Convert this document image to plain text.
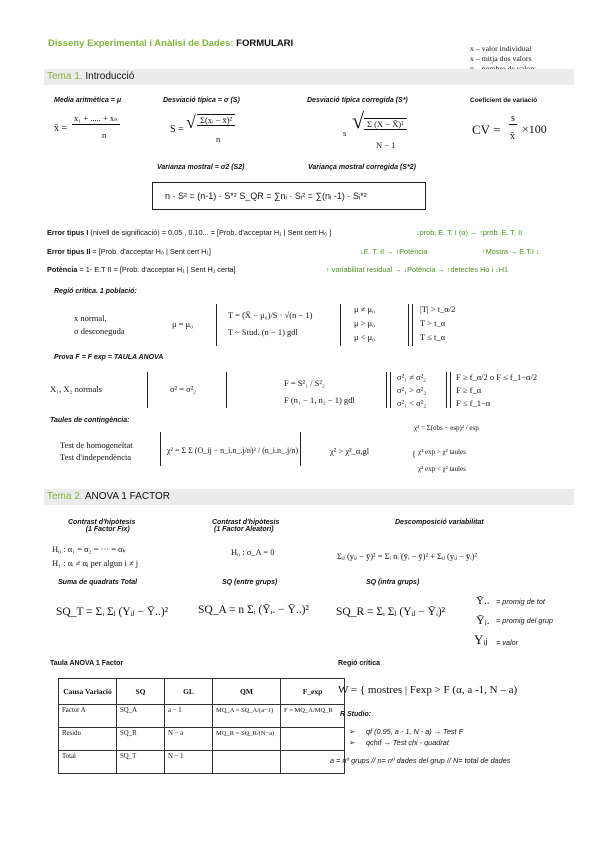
Disseny Experimental i Anàlisi de Dades: FORMULARI	x – valor individual
x – mitja dos valors
Tema 1. Introducció
Media aritmètica = μ	Desviació típica = σ (S)	Desviació típica corregida (S*)	Coeficient de variació
x̄ =
x₁ + ..... + xₙ
n	S = √ Σ(xᵢ − x̄)²
n
s √ Σ (X − X̄)²
N − 1
CV =
s
x̄
×100
Varianza mostral = σ2 (S2)	Variança mostral corregida (S*2)
n · S² = (n-1) · S*² S_QR = ∑nᵢ · Sᵢ² = ∑(nᵢ -1) · Sᵢ*²
Error tipus I (nivell de significació) = 0.05 , 0.10... = [Prob. d'acceptar H₁ | Sent cert H₀ ]	↓prob. E. T. I (α) → ↑prob. E. T. II
Error tipus II = [Prob. d'acceptar H₀ | Sent cert H₁]	↓E. T. II → ↑Potència	↑Mostra → E.T.I ↓
Potència = 1- E.T II = [Prob. d'acceptar H₁ | Sent H₁ certa]	↑ variabilitat residual → ↓Potència → ↑detectes Ho i ↓H1
Regió crítica. 1 població:
x normal,
σ desconeguda
μ = μ₀
T = (X̄ − μ₀)/S · √(n − 1)
T ~ Stud. (n − 1) gdl
μ ≠ μ₀
μ > μ₀
μ < μ₀
|T| > t_α/2
T > t_α
T ≤ t_α
Prova F = F exp = TAULA ANOVA
X₁, X₂ normals	σ² = σ²₂
F = S²₁ / S²₂
F (n₁ − 1, n₂ − 1) gdl
σ²₁ ≠ σ²₂
σ²₁ > σ²₂
σ²₁ < σ²₂
F ≥ f_α/2 o F ≤ f_1−α/2
F ≥ f_α
F ≤ f_1−α
Taules de contingència:
Test de homogeneïtat
Test d'independència
χ² = Σ Σ (O_ij − n_i.n_.j/n)² / (n_i.n_.j/n)	χ² > χ²_α,gl
χ² = Σ(obs − esp)² / esp
{ χ² exp > χ² taules
χ² exp < χ² taules
Tema 2. ANOVA 1 FACTOR
Contrast d'hipòtesis
(1 Factor Fix)
Contrast d'hipòtesis
(1 Factor Aleatori)
Descomposició variabilitat
H₀ : α₁ = α₂ = ··· = αₖ
H₁ : αᵢ ≠ αⱼ per algun i ≠ j
H₀ : σ_A = 0	Σᵢⱼ (yᵢⱼ − ȳ)² = Σᵢ nᵢ (ȳᵢ − ȳ)² + Σᵢⱼ (yᵢⱼ − ȳᵢ)²
Suma de quadrats Total	SQ (entre grups)	SQ (intra grups)
SQ_T = Σᵢ Σⱼ (Yᵢⱼ − Ȳ..)²	SQ_A = n Σᵢ (Ȳᵢ. − Ȳ..)² SQ_R = Σᵢ Σⱼ (Yᵢⱼ − Ȳᵢ)²
Ȳ.. = promig de tot
Ȳᵢ. = promig del grup
Yᵢⱼ = valor
Taula ANOVA 1 Factor
Causa Variació	SQ	GL	QM	F_exp
Factor A	SQ_A	a − 1	MQ_A = SQ_A/(a−1)	F = MQ_A/MQ_R
Residu	SQ_R	N − a	MQ_R = SQ_R/(N−a)	
Total	SQ_T	N − 1		
Regió crítica
W = { mostres | Fexp > F (α, a -1, N – a)
R Studio:
➢ qf (0.95, a - 1, N - a) → Test F
➢ qchif → Test chi - quadrat
a = nº grups // n= nº dades del grup // N= total de dades
